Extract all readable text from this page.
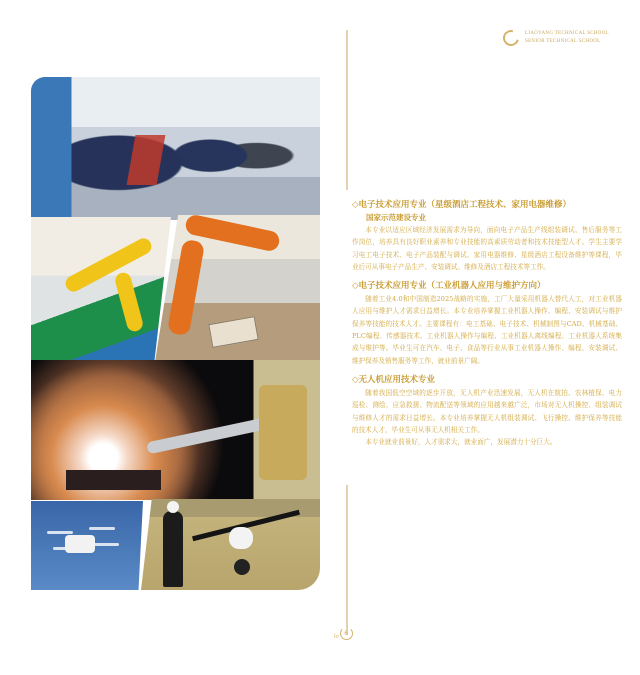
LIAOYANG TECHNICAL SCHOOL
SENIOR TECHNICAL SCHOOL
◇电子技术应用专业（星级酒店工程技术、家用电器维修）
国家示范建设专业

本专业以适应区域经济发展需求为导向，面向电子产品生产线组装调试、售后服务等工作岗位，培养具有良好职业素养和专业技能的高素质劳动者和技术技能型人才。学生主要学习电工电子技术、电子产品装配与调试、家用电器维修、星级酒店工程设备维护等课程，毕业后可从事电子产品生产、安装调试、维修及酒店工程技术等工作。

◇电子技术应用专业（工业机器人应用与维护方向）

随着工业4.0和中国制造2025战略的实施，工厂大量采用机器人替代人工，对工业机器人应用与维护人才需求日益增长。本专业培养掌握工业机器人操作、编程、安装调试与维护保养等技能的技术人才。主要课程有：电工基础、电子技术、机械制图与CAD、机械基础、PLC编程、传感器技术、工业机器人操作与编程、工业机器人离线编程、工业机器人系统集成与维护等。毕业生可在汽车、电子、食品等行业从事工业机器人操作、编程、安装调试、维护保养及销售服务等工作，就业前景广阔。

◇无人机应用技术专业

随着我国低空空域的逐步开放，无人机产业迅速发展，无人机在航拍、农林植保、电力巡检、测绘、应急救援、物流配送等领域的应用越来越广泛，市场对无人机操控、组装调试与维修人才的需求日益增长。本专业培养掌握无人机组装调试、飞行操控、维护保养等技能的技术人才，毕业生可从事无人机相关工作。

本专业就业前景好，人才需求大，就业面广，发展潜力十分巨大。

lo 6
